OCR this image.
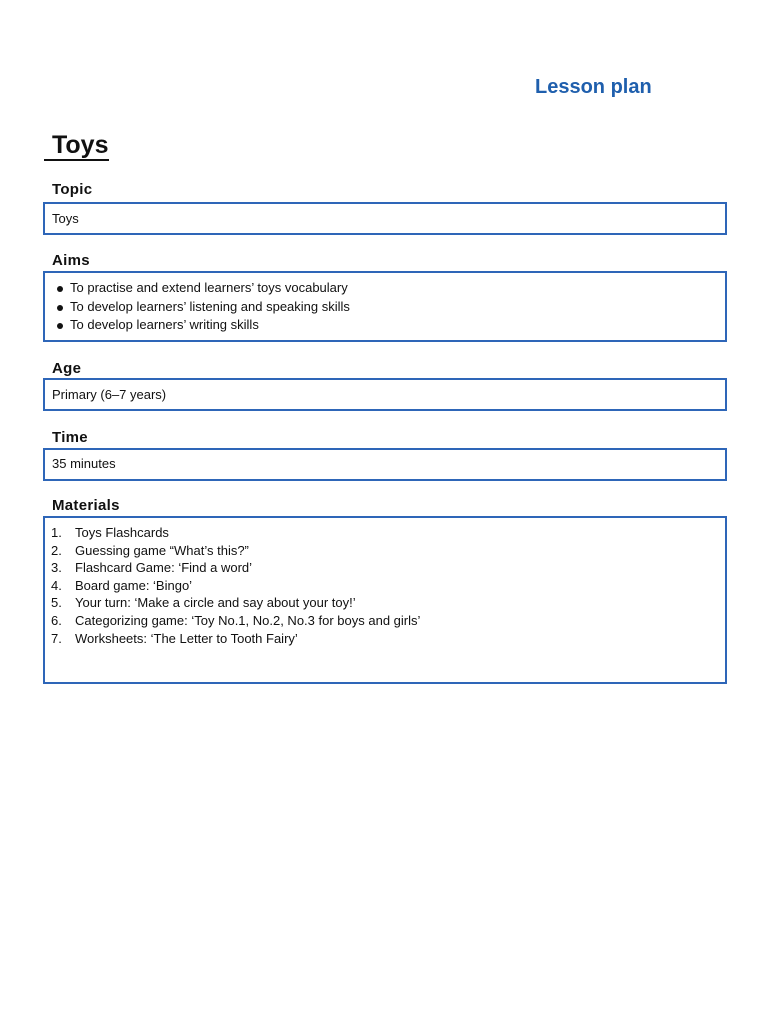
Lesson plan
Toys
Topic
Toys
Aims
To practise and extend learners’ toys vocabulary
To develop learners’ listening and speaking skills
To develop learners’ writing skills
Age
Primary (6–7 years)
Time
35 minutes
Materials
1. Toys Flashcards
2. Guessing game “What’s this?”
3. Flashcard Game: ‘Find a word’
4. Board game: ‘Bingo’
5. Your turn: ‘Make a circle and say about your toy!’
6. Categorizing game: ‘Toy No.1, No.2, No.3 for boys and girls’
7. Worksheets: ‘The Letter to Tooth Fairy’
